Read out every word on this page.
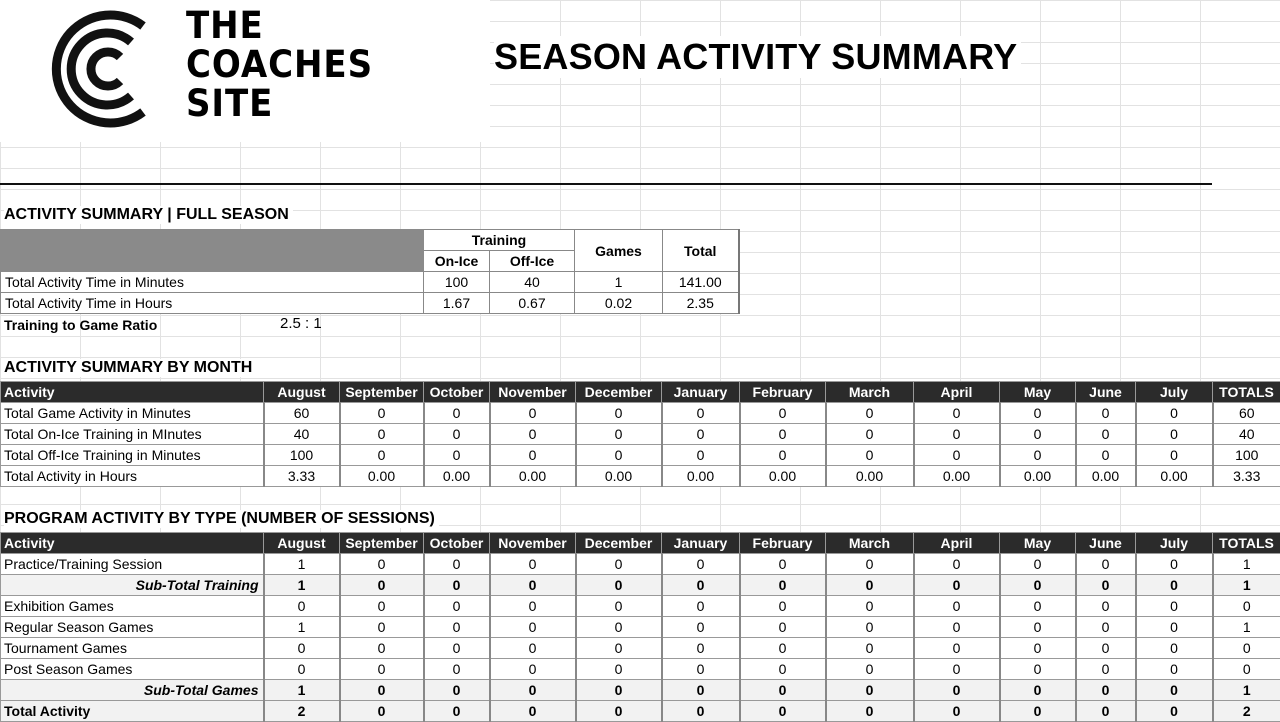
THE
COACHES
SITE
SEASON ACTIVITY SUMMARY
ACTIVITY SUMMARY | FULL SEASON
	Training		Games	Total
	On-Ice	Off-Ice		
Total Activity Time in Minutes	100	40	1	141.00
Total Activity Time in Hours	1.67	0.67	0.02	2.35
Training to Game Ratio	2.5 : 1
ACTIVITY SUMMARY BY MONTH
Activity	August	September	October	November	December	January	February	March	April	May	June	July	TOTALS
Total Game Activity in Minutes	60	0	0	0	0	0	0	0	0	0	0	0	60
Total On-Ice Training in MInutes	40	0	0	0	0	0	0	0	0	0	0	0	40
Total Off-Ice Training in Minutes	100	0	0	0	0	0	0	0	0	0	0	0	100
Total Activity in Hours	3.33	0.00	0.00	0.00	0.00	0.00	0.00	0.00	0.00	0.00	0.00	0.00	3.33
PROGRAM ACTIVITY BY TYPE (NUMBER OF SESSIONS)
Activity	August	September	October	November	December	January	February	March	April	May	June	July	TOTALS
Practice/Training Session	1	0	0	0	0	0	0	0	0	0	0	0	1
Sub-Total Training	1	0	0	0	0	0	0	0	0	0	0	0	1
Exhibition Games	0	0	0	0	0	0	0	0	0	0	0	0	0
Regular Season Games	1	0	0	0	0	0	0	0	0	0	0	0	1
Tournament Games	0	0	0	0	0	0	0	0	0	0	0	0	0
Post Season Games	0	0	0	0	0	0	0	0	0	0	0	0	0
Sub-Total Games	1	0	0	0	0	0	0	0	0	0	0	0	1
Total Activity	2	0	0	0	0	0	0	0	0	0	0	0	2
